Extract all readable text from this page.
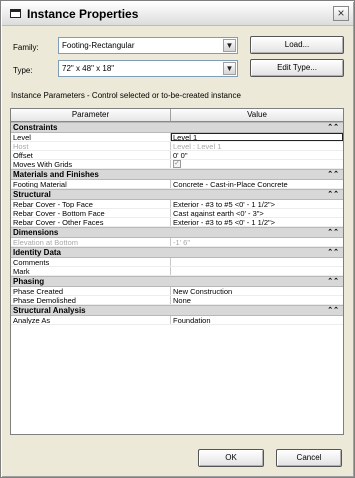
Instance Properties	×
Family:	Footing-Rectangular	▼	Load...
Type:	72" x 48" x 18"	▼	Edit Type...
Instance Parameters - Control selected or to-be-created instance
Parameter	Value
Constraints	⌃⌃
Level	Level 1
Host	Level : Level 1
Offset	0' 0"
Moves With Grids	✓
Materials and Finishes	⌃⌃
Footing Material	Concrete - Cast-in-Place Concrete
Structural	⌃⌃
Rebar Cover - Top Face	Exterior - #3 to #5 <0' - 1 1/2">
Rebar Cover - Bottom Face	Cast against earth <0' - 3">
Rebar Cover - Other Faces	Exterior - #3 to #5 <0' - 1 1/2">
Dimensions	⌃⌃
Elevation at Bottom	-1' 6"
Identity Data	⌃⌃
Comments
Mark
Phasing	⌃⌃
Phase Created	New Construction
Phase Demolished	None
Structural Analysis	⌃⌃
Analyze As	Foundation
OK	Cancel
